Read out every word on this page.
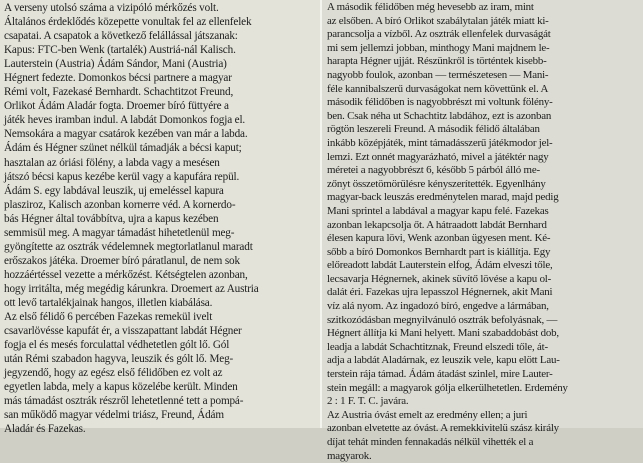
A verseny utolsó száma a vizipóló mérkőzés volt.
Általános érdeklődés közepette vonultak fel az ellenfelek
csapatai. A csapatok a következő felállással játszanak:
Kapus: FTC-ben Wenk (tartalék) Austriá-nál Kalisch.
Lauterstein (Austria) Ádám Sándor, Mani (Austria)
Hégnert fedezte. Domonkos bécsi partnere a magyar
Rémi volt, Fazekasé Bernhardt. Schachtitzot Freund,
Orlikot Ádám Aladár fogta. Droemer bíró füttyére a
játék heves iramban indul. A labdát Domonkos fogja el.
Nemsokára a magyar csatárok kezében van már a labda.
Ádám és Hégner szünet nélkül támadják a bécsi kaput;
hasztalan az óriási fölény, a labda vagy a mesésen
játszó bécsi kapus kezébe kerül vagy a kapufára repül.
Ádám S. egy labdával leuszik, uj emeléssel kapura
plasziroz, Kalisch azonban kornerre véd. A kornerdo-
bás Hégner által továbbítva, ujra a kapus kezében
semmisül meg. A magyar támadást hihetetlenül meg-
gyöngítette az osztrák védelemnek megtorlatlanul maradt
erőszakos játéka. Droemer bíró páratlanul, de nem sok
hozzáértéssel vezette a mérkőzést. Kétségtelen azonban,
hogy irritálta, még megédig kárunkra. Droemert az Austria
ott levő tartalékjainak hangos, illetlen kiabálása.
Az első félidő 6 percében Fazekas remekül ivelt
csavarlövésse kapufát ér, a visszapattant labdát Hégner
fogja el és mesés forculattal védhetetlen gólt lő. Gól
után Rémi szabadon hagyva, leuszik és gólt lő. Meg-
jegyzendő, hogy az egész első félidőben ez volt az
egyetlen labda, mely a kapus közelébe került. Minden
más támadást osztrák részről lehetetlenné tett a pompá-
san működő magyar védelmi triász, Freund, Ádám
Aladár és Fazekas.
A második félidőben még hevesebb az iram, mint
az elsőben. A bíró Orlikot szabálytalan játék miatt ki-
parancsolja a vízből. Az osztrák ellenfelek durvaságát
mi sem jellemzi jobban, minthogy Mani majdnem le-
harapta Hégner ujját. Részünkről is történtek kisebb-
nagyobb foulok, azonban — természetesen — Mani-
féle kannibalszerű durvaságokat nem követtünk el. A
második félidőben is nagyobbrészt mi voltunk fölény-
ben. Csak néha ut Schachtitz labdához, ezt is azonban
rögtön leszereli Freund. A második félidő általában
inkább középjáték, mint támadásszerű játékmodor jel-
lemzi. Ezt onnét magyarázható, mivel a játéktér nagy
méretei a nagyobbrészt 6, később 5 párból álló me-
zőnyt összetömörülésre kényszerítették. Egyenlhány
magyar-back leuszás eredménytelen marad, majd pedig
Mani sprintel a labdával a magyar kapu felé. Fazekas
azonban lekapcsolja őt. A hátraadott labdát Bernhard
élesen kapura lövi, Wenk azonban ügyesen ment. Ké-
sőbb a bíró Domonkos Bernhardt part is kiállítja. Egy
előreadott labdát Lauterstein elfog, Ádám elveszi tőle,
lecsavarja Hégnernek, akinek süvítő lövése a kapu ol-
dalát éri. Fazekas ujra lepasszol Hégnernek, akit Mani
víz alá nyom. Az ingadozó bíró, engedve a lármában,
szitkozódásban megnyilvánuló osztrák befolyásnak, —
Hégnert állítja ki Mani helyett. Mani szabaddobást dob,
leadja a labdát Schachtitznak, Freund elszedi tőle, át-
adja a labdát Aladárnak, ez leuszik vele, kapu elött Lau-
terstein rája támad. Ádám átadást szinlel, mire Lauter-
stein megáll: a magyarok gólja elkerülhetetlen. Erdemény
2 : 1 F. T. C. javára.
Az Austria óvást emelt az eredmény ellen; a juri
azonban elvetette az óvást. A remekkivitelü szász király
díjat tehát minden fennakadás nélkül vihették el a
magyarok.
